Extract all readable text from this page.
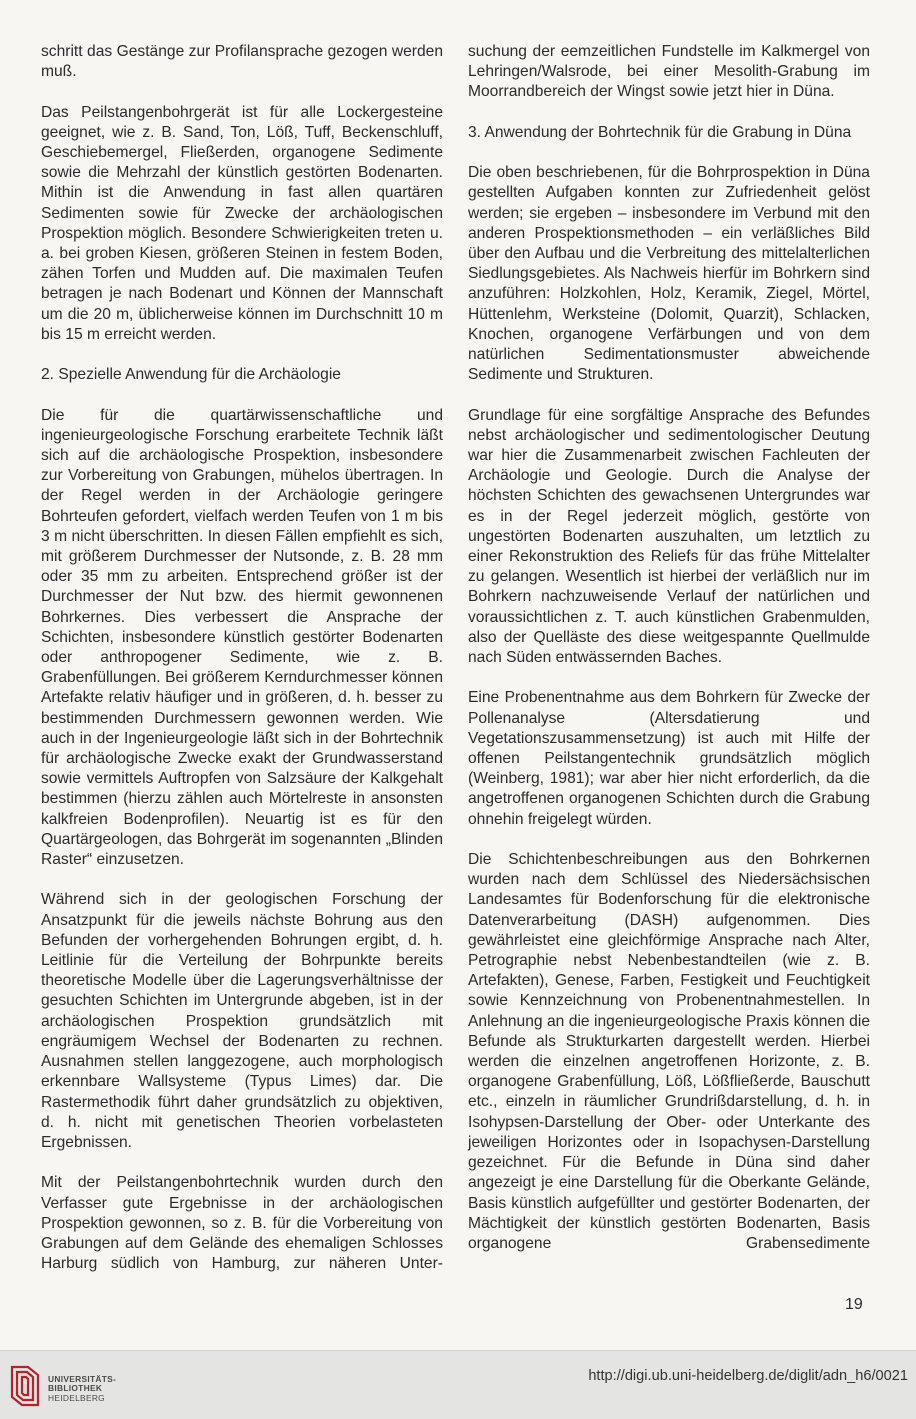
schritt das Gestänge zur Profilansprache gezogen werden muß.

Das Peilstangenbohrgerät ist für alle Lockergesteine geeignet, wie z. B. Sand, Ton, Löß, Tuff, Beckenschluff, Geschiebemergel, Fließerden, organogene Sedimente sowie die Mehrzahl der künstlich gestörten Bodenarten. Mithin ist die Anwendung in fast allen quartären Sedimenten sowie für Zwecke der archäologischen Prospektion möglich. Besondere Schwierigkeiten treten u. a. bei groben Kiesen, größeren Steinen in festem Boden, zähen Torfen und Mudden auf. Die maximalen Teufen betragen je nach Bodenart und Können der Mannschaft um die 20 m, üblicherweise können im Durchschnitt 10 m bis 15 m erreicht werden.

2. Spezielle Anwendung für die Archäologie

Die für die quartärwissenschaftliche und ingenieurgeologische Forschung erarbeitete Technik läßt sich auf die archäologische Prospektion, insbesondere zur Vorbereitung von Grabungen, mühelos übertragen. In der Regel werden in der Archäologie geringere Bohrteufen gefordert, vielfach werden Teufen von 1 m bis 3 m nicht überschritten. In diesen Fällen empfiehlt es sich, mit größerem Durchmesser der Nutsonde, z. B. 28 mm oder 35 mm zu arbeiten. Entsprechend größer ist der Durchmesser der Nut bzw. des hiermit gewonnenen Bohrkernes. Dies verbessert die Ansprache der Schichten, insbesondere künstlich gestörter Bodenarten oder anthropogener Sedimente, wie z. B. Grabenfüllungen. Bei größerem Kerndurchmesser können Artefakte relativ häufiger und in größeren, d. h. besser zu bestimmenden Durchmessern gewonnen werden. Wie auch in der Ingenieurgeologie läßt sich in der Bohrtechnik für archäologische Zwecke exakt der Grundwasserstand sowie vermittels Auftropfen von Salzsäure der Kalkgehalt bestimmen (hierzu zählen auch Mörtelreste in ansonsten kalkfreien Bodenprofilen). Neuartig ist es für den Quartärgeologen, das Bohrgerät im sogenannten „Blinden Raster“ einzusetzen.

Während sich in der geologischen Forschung der Ansatzpunkt für die jeweils nächste Bohrung aus den Befunden der vorhergehenden Bohrungen ergibt, d. h. Leitlinie für die Verteilung der Bohrpunkte bereits theoretische Modelle über die Lagerungsverhältnisse der gesuchten Schichten im Untergrunde abgeben, ist in der archäologischen Prospektion grundsätzlich mit engräumigem Wechsel der Bodenarten zu rechnen. Ausnahmen stellen langgezogene, auch morphologisch erkennbare Wallsysteme (Typus Limes) dar. Die Rastermethodik führt daher grundsätzlich zu objektiven, d. h. nicht mit genetischen Theorien vorbelasteten Ergebnissen.

Mit der Peilstangenbohrtechnik wurden durch den Verfasser gute Ergebnisse in der archäologischen Prospektion gewonnen, so z. B. für die Vorbereitung von Grabungen auf dem Gelände des ehemaligen Schlosses Harburg südlich von Hamburg, zur näheren Unter-

suchung der eemzeitlichen Fundstelle im Kalkmergel von Lehringen/Walsrode, bei einer Mesolith-Grabung im Moorrandbereich der Wingst sowie jetzt hier in Düna.

3. Anwendung der Bohrtechnik für die Grabung in Düna

Die oben beschriebenen, für die Bohrprospektion in Düna gestellten Aufgaben konnten zur Zufriedenheit gelöst werden; sie ergeben – insbesondere im Verbund mit den anderen Prospektionsmethoden – ein verläßliches Bild über den Aufbau und die Verbreitung des mittelalterlichen Siedlungsgebietes. Als Nachweis hierfür im Bohrkern sind anzuführen: Holzkohlen, Holz, Keramik, Ziegel, Mörtel, Hüttenlehm, Werksteine (Dolomit, Quarzit), Schlacken, Knochen, organogene Verfärbungen und von dem natürlichen Sedimentationsmuster abweichende Sedimente und Strukturen.

Grundlage für eine sorgfältige Ansprache des Befundes nebst archäologischer und sedimentologischer Deutung war hier die Zusammenarbeit zwischen Fachleuten der Archäologie und Geologie. Durch die Analyse der höchsten Schichten des gewachsenen Untergrundes war es in der Regel jederzeit möglich, gestörte von ungestörten Bodenarten auszuhalten, um letztlich zu einer Rekonstruktion des Reliefs für das frühe Mittelalter zu gelangen. Wesentlich ist hierbei der verläßlich nur im Bohrkern nachzuweisende Verlauf der natürlichen und voraussichtlichen z. T. auch künstlichen Grabenmulden, also der Quelläste des diese weitgespannte Quellmulde nach Süden entwässernden Baches.

Eine Probenentnahme aus dem Bohrkern für Zwecke der Pollenanalyse (Altersdatierung und Vegetationszusammensetzung) ist auch mit Hilfe der offenen Peilstangentechnik grundsätzlich möglich (Weinberg, 1981); war aber hier nicht erforderlich, da die angetroffenen organogenen Schichten durch die Grabung ohnehin freigelegt würden.

Die Schichtenbeschreibungen aus den Bohrkernen wurden nach dem Schlüssel des Niedersächsischen Landesamtes für Bodenforschung für die elektronische Datenverarbeitung (DASH) aufgenommen. Dies gewährleistet eine gleichförmige Ansprache nach Alter, Petrographie nebst Nebenbestandteilen (wie z. B. Artefakten), Genese, Farben, Festigkeit und Feuchtigkeit sowie Kennzeichnung von Probenentnahmestellen. In Anlehnung an die ingenieurgeologische Praxis können die Befunde als Strukturkarten dargestellt werden. Hierbei werden die einzelnen angetroffenen Horizonte, z. B. organogene Grabenfüllung, Löß, Lößfließerde, Bauschutt etc., einzeln in räumlicher Grundrißdarstellung, d. h. in Isohypsen-Darstellung der Ober- oder Unterkante des jeweiligen Horizontes oder in Isopachysen-Darstellung gezeichnet. Für die Befunde in Düna sind daher angezeigt je eine Darstellung für die Oberkante Gelände, Basis künstlich aufgefüllter und gestörter Bodenarten, der Mächtigkeit der künstlich gestörten Bodenarten, Basis organogene Grabensedimente

19
UNIVERSITÄTS-
BIBLIOTHEK
HEIDELBERG
http://digi.ub.uni-heidelberg.de/diglit/adn_h6/0021
